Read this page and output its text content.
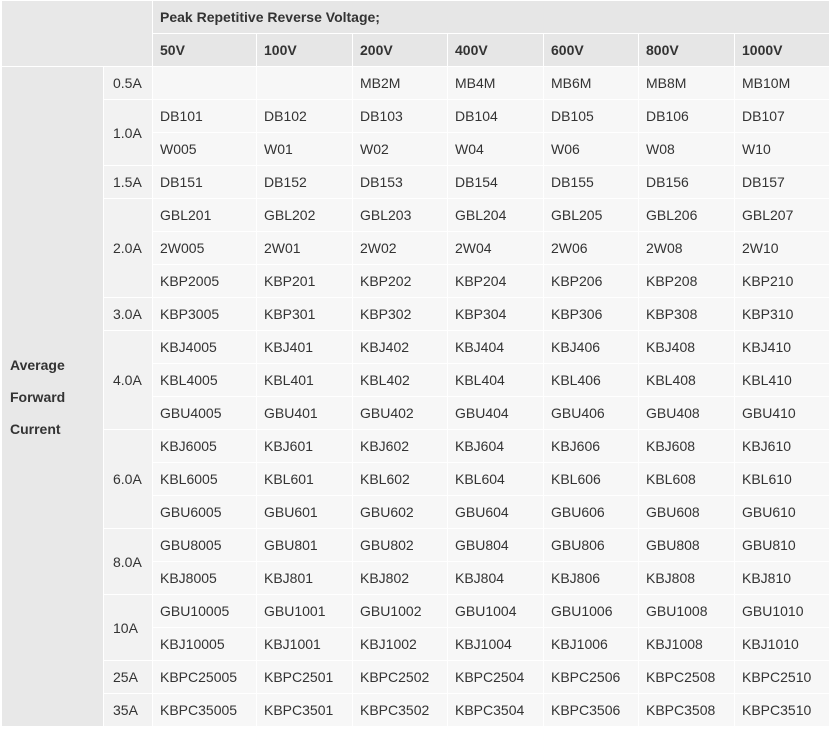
		Peak Repetitive Reverse Voltage;						
		50V	100V	200V	400V	600V	800V	1000V

Average
Forward
Current	0.5A			MB2M	MB4M	MB6M	MB8M	MB10M
	1.0A	DB101	DB102	DB103	DB104	DB105	DB106	DB107
		W005	W01	W02	W04	W06	W08	W10
	1.5A	DB151	DB152	DB153	DB154	DB155	DB156	DB157
	2.0A	GBL201	GBL202	GBL203	GBL204	GBL205	GBL206	GBL207
		2W005	2W01	2W02	2W04	2W06	2W08	2W10
		KBP2005	KBP201	KBP202	KBP204	KBP206	KBP208	KBP210
	3.0A	KBP3005	KBP301	KBP302	KBP304	KBP306	KBP308	KBP310
	4.0A	KBJ4005	KBJ401	KBJ402	KBJ404	KBJ406	KBJ408	KBJ410
		KBL4005	KBL401	KBL402	KBL404	KBL406	KBL408	KBL410
		GBU4005	GBU401	GBU402	GBU404	GBU406	GBU408	GBU410
	6.0A	KBJ6005	KBJ601	KBJ602	KBJ604	KBJ606	KBJ608	KBJ610
		KBL6005	KBL601	KBL602	KBL604	KBL606	KBL608	KBL610
		GBU6005	GBU601	GBU602	GBU604	GBU606	GBU608	GBU610
	8.0A	GBU8005	GBU801	GBU802	GBU804	GBU806	GBU808	GBU810
		KBJ8005	KBJ801	KBJ802	KBJ804	KBJ806	KBJ808	KBJ810
	10A	GBU10005	GBU1001	GBU1002	GBU1004	GBU1006	GBU1008	GBU1010
		KBJ10005	KBJ1001	KBJ1002	KBJ1004	KBJ1006	KBJ1008	KBJ1010
	25A	KBPC25005	KBPC2501	KBPC2502	KBPC2504	KBPC2506	KBPC2508	KBPC2510
	35A	KBPC35005	KBPC3501	KBPC3502	KBPC3504	KBPC3506	KBPC3508	KBPC3510
